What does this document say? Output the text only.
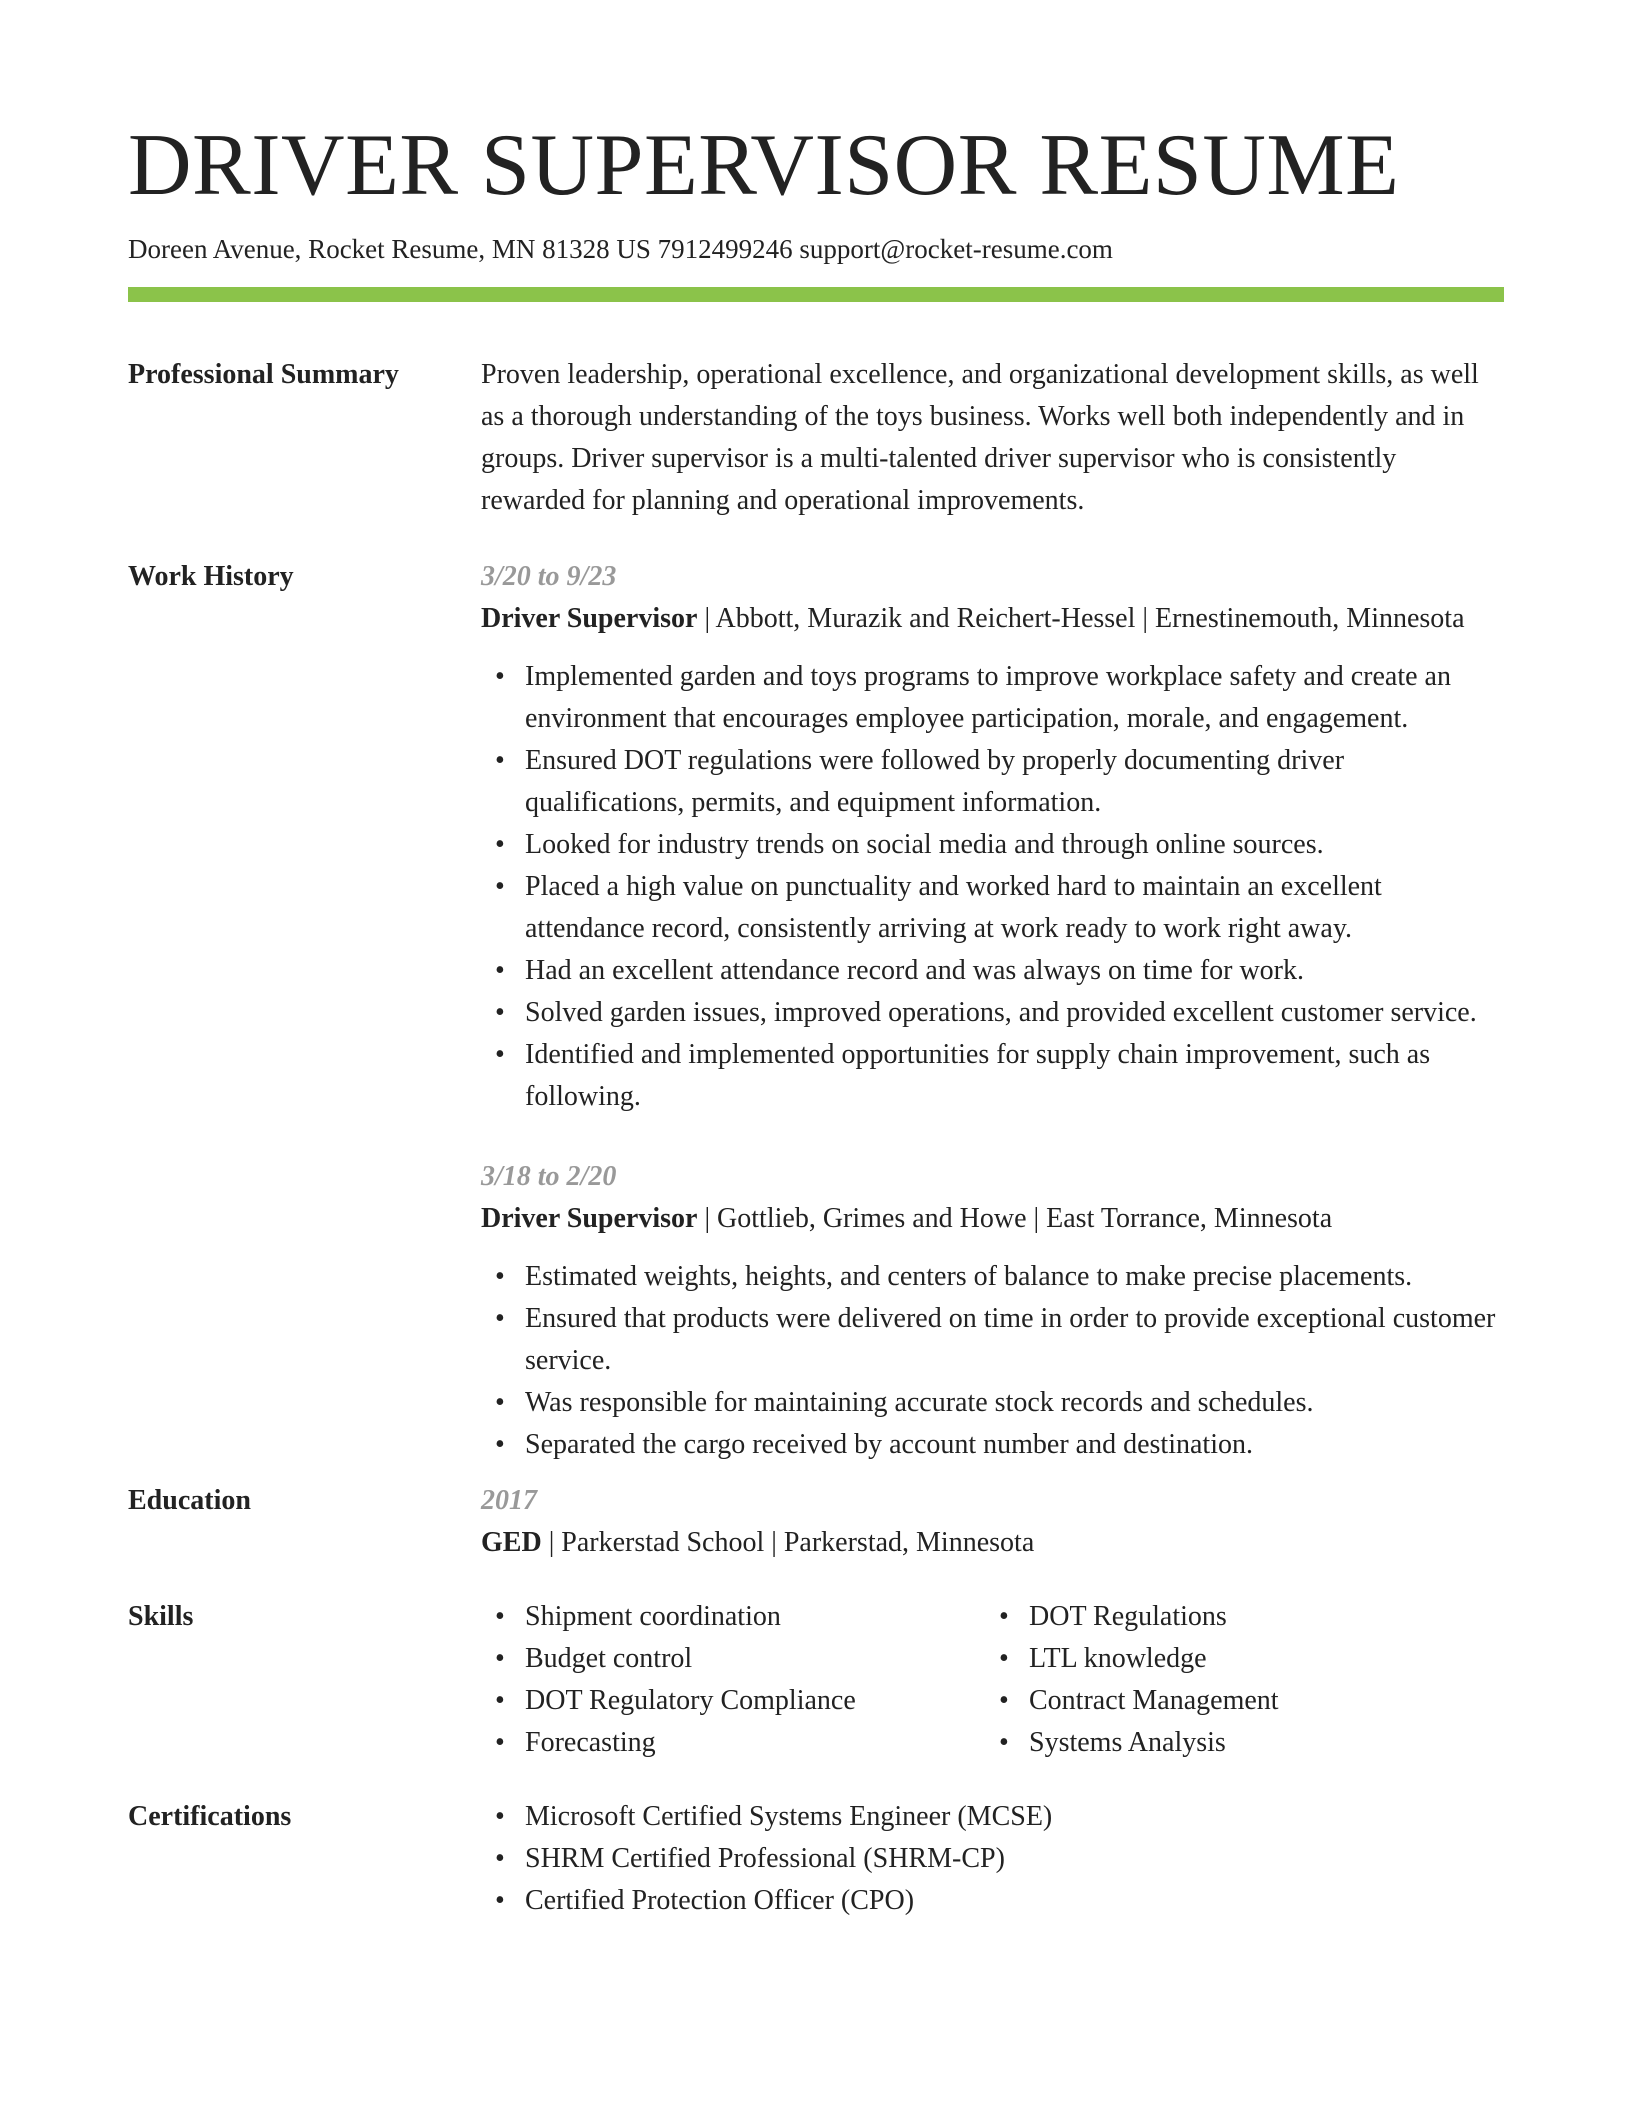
DRIVER SUPERVISOR RESUME
Doreen Avenue, Rocket Resume, MN 81328 US 7912499246 support@rocket-resume.com
Professional Summary	Proven leadership, operational excellence, and organizational development skills, as well as a thorough understanding of the toys business. Works well both independently and in groups. Driver supervisor is a multi-talented driver supervisor who is consistently rewarded for planning and operational improvements.

Work History	3/20 to 9/23

Driver Supervisor | Abbott, Murazik and Reichert-Hessel | Ernestinemouth, Minnesota

• Implemented garden and toys programs to improve workplace safety and create an environment that encourages employee participation, morale, and engagement.
• Ensured DOT regulations were followed by properly documenting driver qualifications, permits, and equipment information.
• Looked for industry trends on social media and through online sources.
• Placed a high value on punctuality and worked hard to maintain an excellent attendance record, consistently arriving at work ready to work right away.
• Had an excellent attendance record and was always on time for work.
• Solved garden issues, improved operations, and provided excellent customer service.
• Identified and implemented opportunities for supply chain improvement, such as following.
3/18 to 2/20

Driver Supervisor | Gottlieb, Grimes and Howe | East Torrance, Minnesota

• Estimated weights, heights, and centers of balance to make precise placements.
• Ensured that products were delivered on time in order to provide exceptional customer service.
• Was responsible for maintaining accurate stock records and schedules.
• Separated the cargo received by account number and destination.
Education	2017

GED | Parkerstad School | Parkerstad, Minnesota

Skills	• Shipment coordination
• Budget control
• DOT Regulatory Compliance
• Forecasting
• DOT Regulations
• LTL knowledge
• Contract Management
• Systems Analysis
Certifications	• Microsoft Certified Systems Engineer (MCSE)
• SHRM Certified Professional (SHRM-CP)
• Certified Protection Officer (CPO)
